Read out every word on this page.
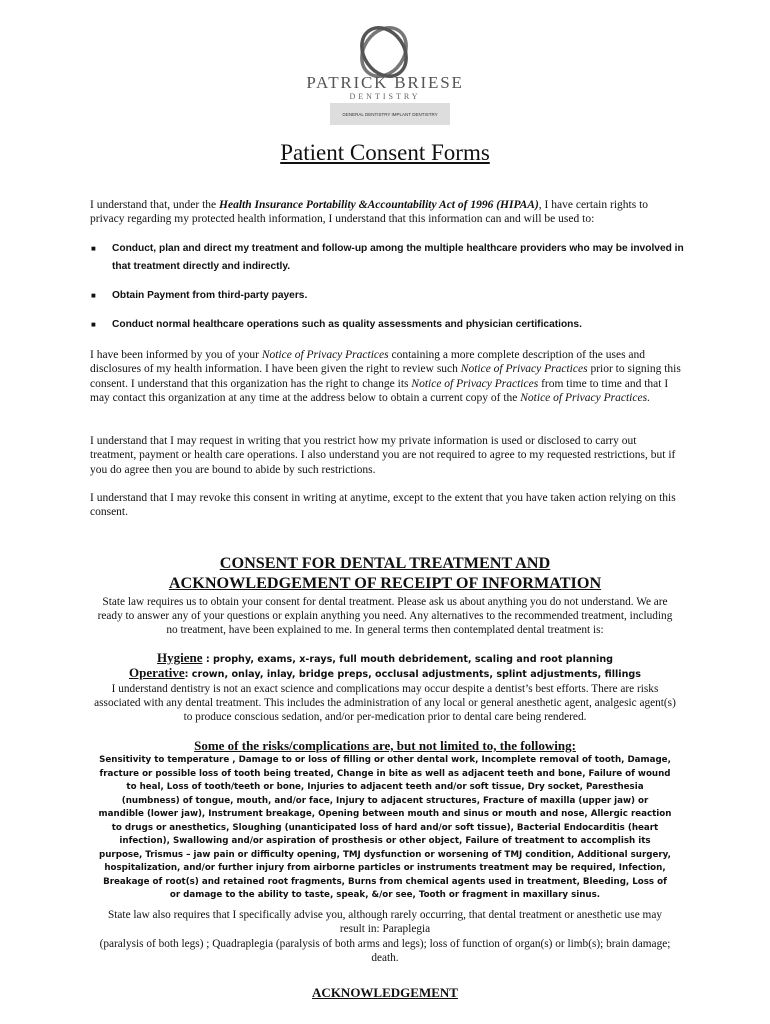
PATRICK BRIESE
DENTISTRY
GENERAL DENTISTRY IMPLANT DENTISTRY
Patient Consent Forms

I understand that, under the Health Insurance Portability &Accountability Act of 1996 (HIPAA), I have certain rights to privacy regarding my protected health information, I understand that this information can and will be used to:

■ Conduct, plan and direct my treatment and follow-up among the multiple healthcare providers who may be involved in that treatment directly and indirectly.
■ Obtain Payment from third-party payers.
■ Conduct normal healthcare operations such as quality assessments and physician certifications.

I have been informed by you of your Notice of Privacy Practices containing a more complete description of the uses and disclosures of my health information. I have been given the right to review such Notice of Privacy Practices prior to signing this consent. I understand that this organization has the right to change its Notice of Privacy Practices from time to time and that I may contact this organization at any time at the address below to obtain a current copy of the Notice of Privacy Practices.

I understand that I may request in writing that you restrict how my private information is used or disclosed to carry out treatment, payment or health care operations. I also understand you are not required to agree to my requested restrictions, but if you do agree then you are bound to abide by such restrictions.

I understand that I may revoke this consent in writing at anytime, except to the extent that you have taken action relying on this consent.

CONSENT FOR DENTAL TREATMENT AND
ACKNOWLEDGEMENT OF RECEIPT OF INFORMATION

State law requires us to obtain your consent for dental treatment. Please ask us about anything you do not understand. We are ready to answer any of your questions or explain anything you need. Any alternatives to the recommended treatment, including no treatment, have been explained to me. In general terms then contemplated dental treatment is:

Hygiene : prophy, exams, x-rays, full mouth debridement, scaling and root planning

Operative: crown, onlay, inlay, bridge preps, occlusal adjustments, splint adjustments, fillings

I understand dentistry is not an exact science and complications may occur despite a dentist’s best efforts. There are risks associated with any dental treatment. This includes the administration of any local or general anesthetic agent, analgesic agent(s) to produce conscious sedation, and/or per-medication prior to dental care being rendered.

Some of the risks/complications are, but not limited to, the following:

Sensitivity to temperature , Damage to or loss of filling or other dental work, Incomplete removal of tooth, Damage, fracture or possible loss of tooth being treated, Change in bite as well as adjacent teeth and bone, Failure of wound to heal, Loss of tooth/teeth or bone, Injuries to adjacent teeth and/or soft tissue, Dry socket, Paresthesia (numbness) of tongue, mouth, and/or face, Injury to adjacent structures, Fracture of maxilla (upper jaw) or mandible (lower jaw), Instrument breakage, Opening between mouth and sinus or mouth and nose, Allergic reaction to drugs or anesthetics, Sloughing (unanticipated loss of hard and/or soft tissue), Bacterial Endocarditis (heart infection), Swallowing and/or aspiration of prosthesis or other object, Failure of treatment to accomplish its purpose, Trismus – jaw pain or difficulty opening, TMJ dysfunction or worsening of TMJ condition, Additional surgery, hospitalization, and/or further injury from airborne particles or instruments treatment may be required, Infection, Breakage of root(s) and retained root fragments, Burns from chemical agents used in treatment, Bleeding, Loss of or damage to the ability to taste, speak, &/or see, Tooth or fragment in maxillary sinus.

State law also requires that I specifically advise you, although rarely occurring, that dental treatment or anesthetic use may result in: Paraplegia

(paralysis of both legs) ; Quadraplegia (paralysis of both arms and legs); loss of function of organ(s) or limb(s); brain damage; death.

ACKNOWLEDGEMENT
